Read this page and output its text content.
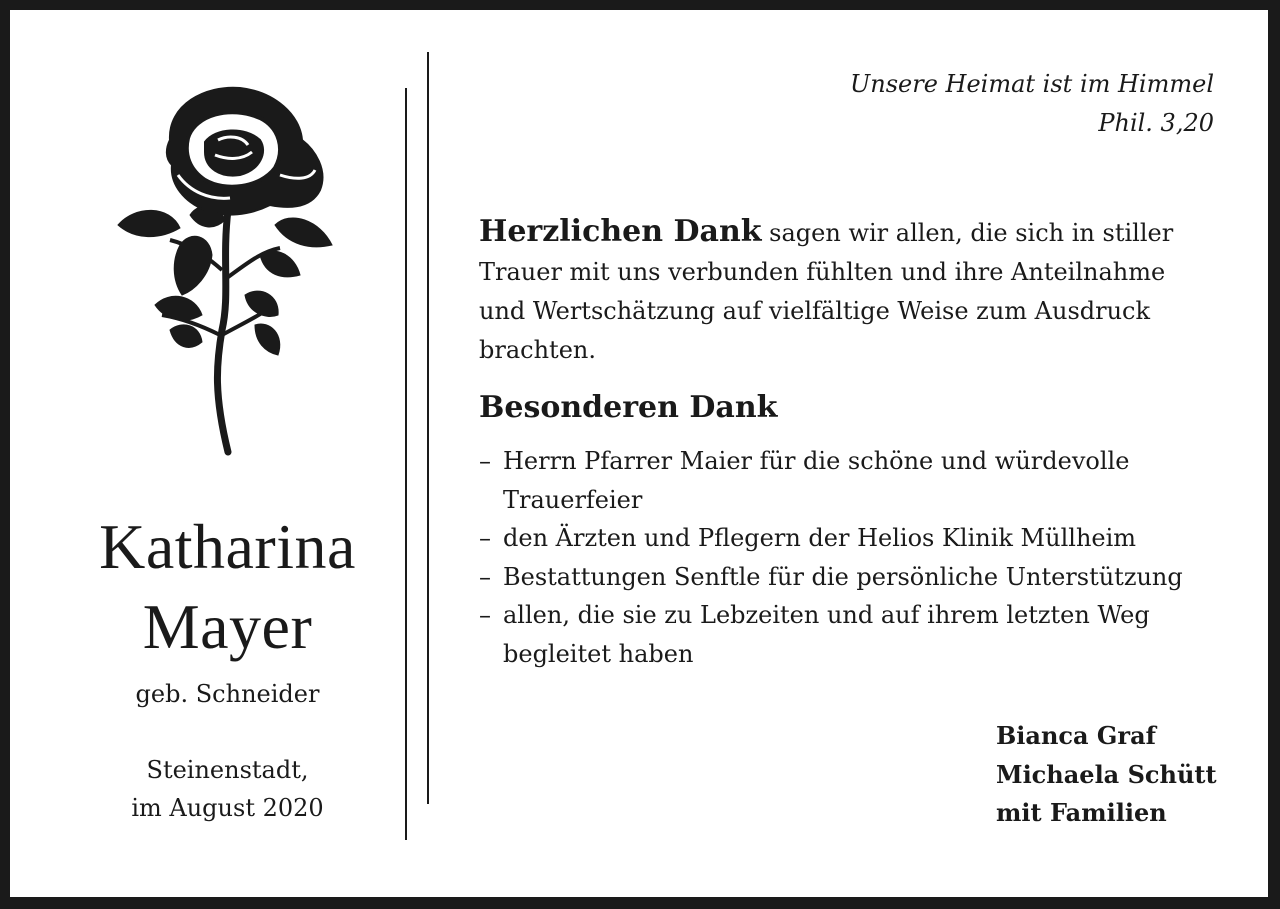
Katharina
Mayer
geb. Schneider
Steinenstadt,
im August 2020
Unsere Heimat ist im Himmel
Phil. 3,20
Herzlichen Dank sagen wir allen, die sich in stiller Trauer mit uns verbunden fühlten und ihre Anteilnahme und Wertschätzung auf vielfältige Weise zum Ausdruck brachten.
Besonderen Dank
– Herrn Pfarrer Maier für die schöne und würdevolle Trauerfeier
– den Ärzten und Pflegern der Helios Klinik Müllheim
– Bestattungen Senftle für die persönliche Unterstützung
– allen, die sie zu Lebzeiten und auf ihrem letzten Weg begleitet haben
Bianca Graf
Michaela Schütt
mit Familien
